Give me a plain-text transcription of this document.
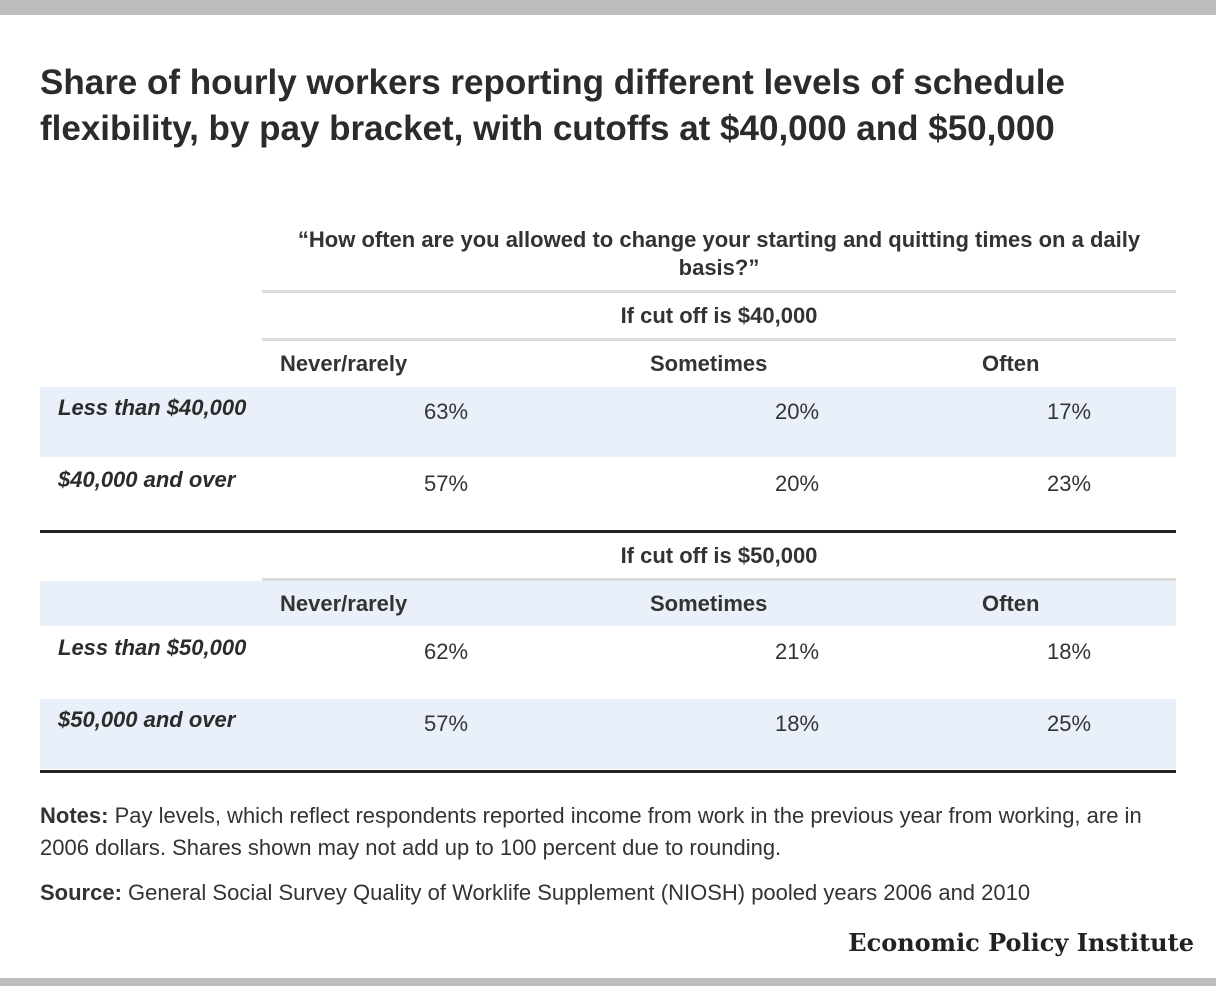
Share of hourly workers reporting different levels of schedule flexibility, by pay bracket, with cutoffs at $40,000 and $50,000
“How often are you allowed to change your starting and quitting times on a daily basis?”
If cut off is $40,000
Never/rarely	Sometimes	Often
Less than $40,000	63%	20%	17%
$40,000 and over	57%	20%	23%
If cut off is $50,000
Never/rarely	Sometimes	Often
Less than $50,000	62%	21%	18%
$50,000 and over	57%	18%	25%
Notes: Pay levels, which reflect respondents reported income from work in the previous year from working, are in 2006 dollars. Shares shown may not add up to 100 percent due to rounding.
Source: General Social Survey Quality of Worklife Supplement (NIOSH) pooled years 2006 and 2010
Economic Policy Institute
